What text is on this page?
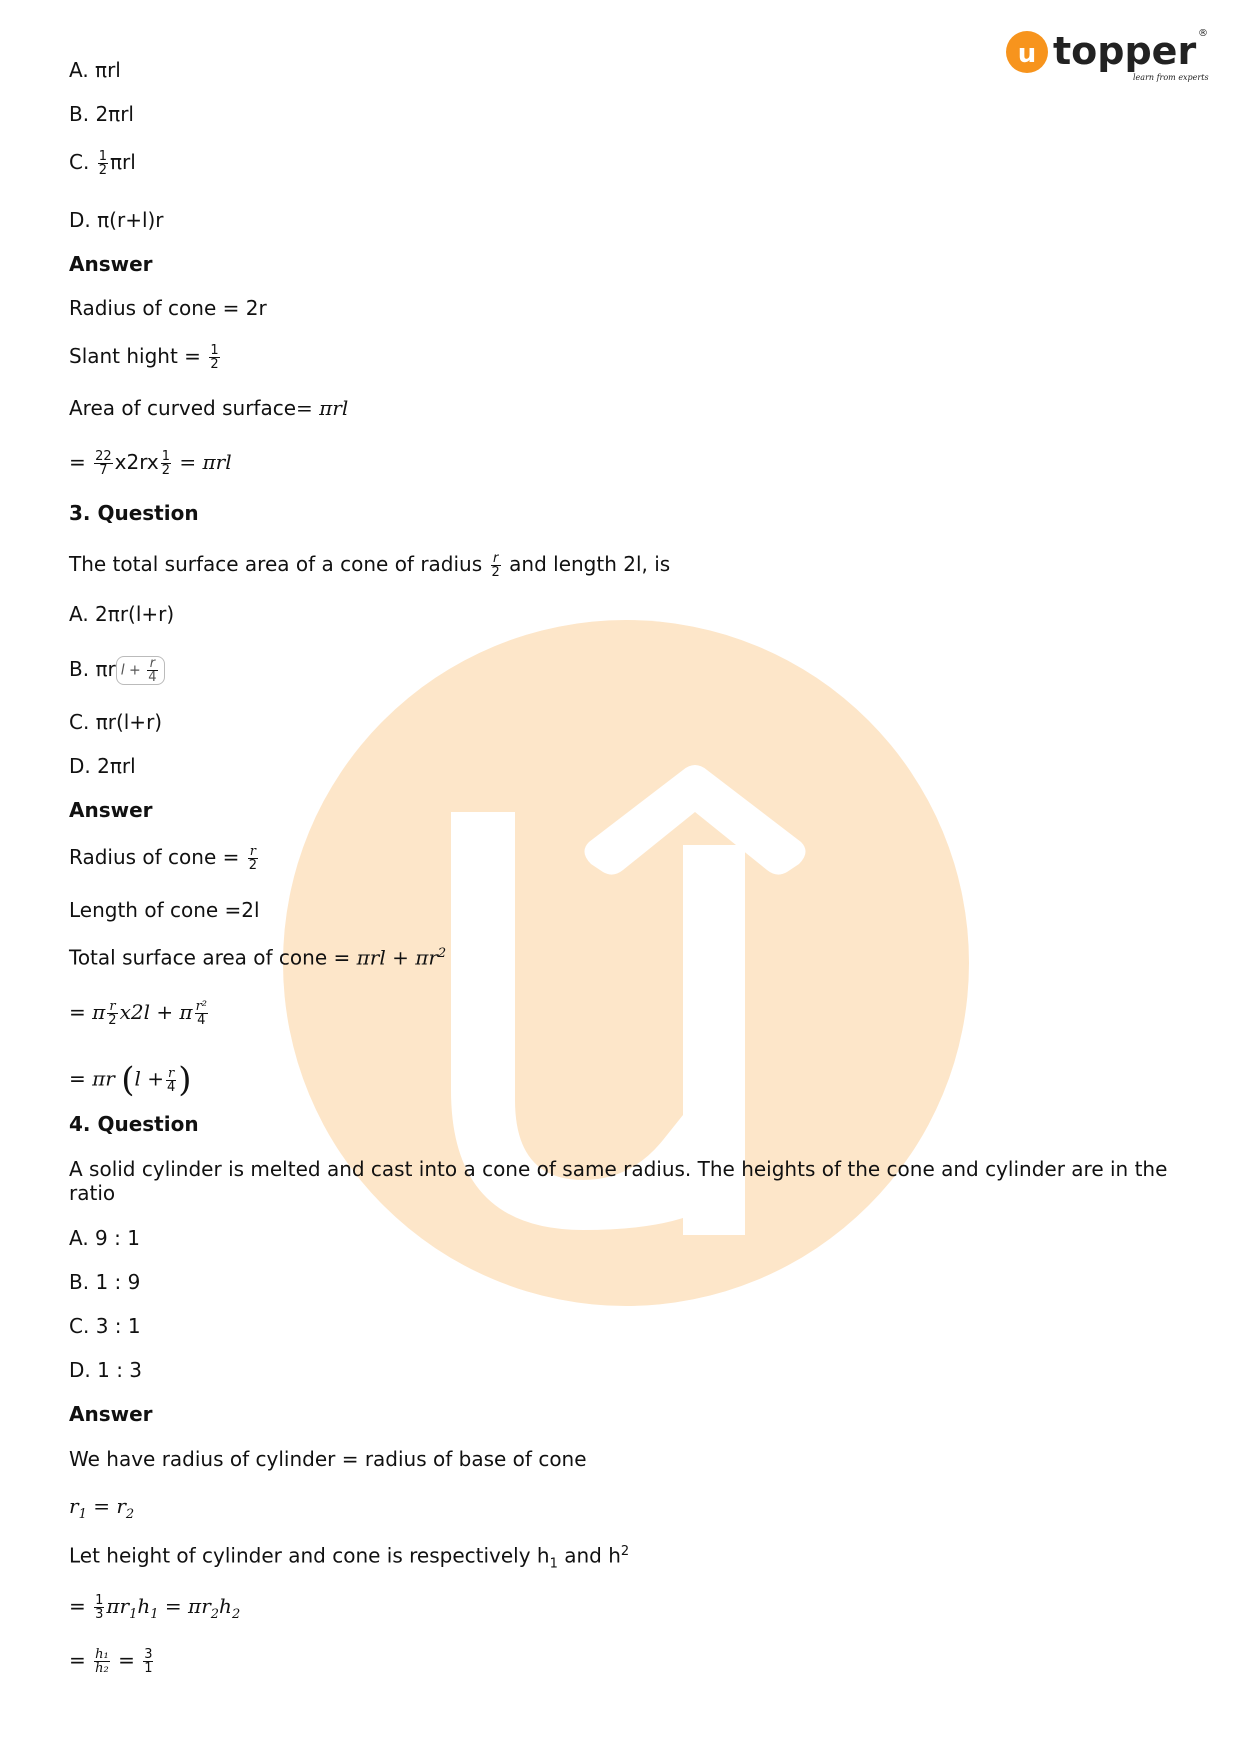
u topper ®
learn from experts
A. πrl
B. 2πrl
C. $\frac{1}{2}$ πrl
D. π(r+l)r
Answer
Radius of cone = 2r
Slant hight = $\frac{1}{2}$
Area of curved surface= πrl
= $\frac{22}{7} x2rx \frac{1}{2} = \pi rl$
3. Question
The total surface area of a cone of radius $\frac{r}{2}$ and length 2l, is
A. 2πr(l+r)
B. πr $l + \frac{r}{4}$
C. πr(l+r)
D. 2πrl
Answer
Radius of cone = $\frac{r}{2}$
Length of cone =2l
Total surface area of cone = $\pi rl + \pi r^2$
= π $\frac{r}{2} x2l + \pi \frac{\text{r²}}{4}$
= πr ($l + \frac{r}{4}$ )
4. Question
A solid cylinder is melted and cast into a cone of same radius. The heights of the cone and cylinder are in the ratio
A. 9 : 1
B. 1 : 9
C. 3 : 1
D. 1 : 3
Answer
We have radius of cylinder = radius of base of cone
$r_1 = r_2$
Let height of cylinder and cone is respectively $h_1$ and $h^2$
= $\frac{1}{3} \pi r_1h_1 = \pi r_2h_2$
= $\frac{\text{h₁}}{\text{h₂}} = \frac{3}{1}$
